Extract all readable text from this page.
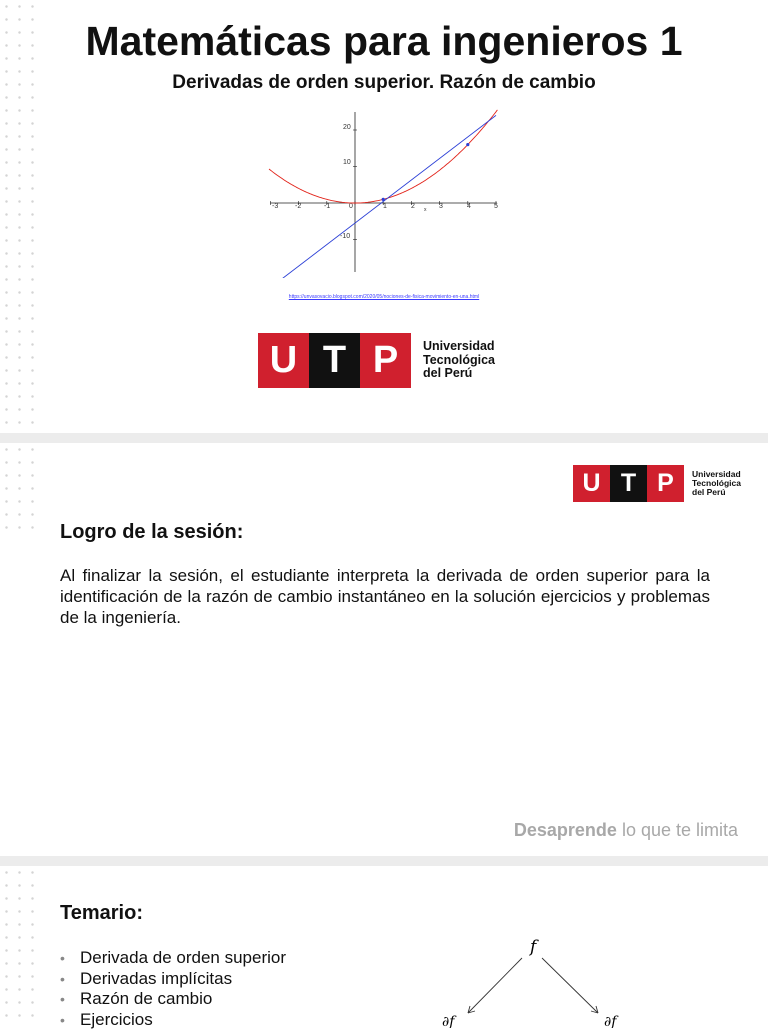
Matemáticas para ingenieros 1
Derivadas de orden superior. Razón de cambio
-3 -2	-1	0	1	2	3	4	5
x
20
10
-10
https://unvasovacio.blogspot.com/2020/05/nociones-de-fisica-movimiento-en-una.html
U T P	Universidad
Tecnológica
del Perú
U T P	Universidad
Tecnológica
del Perú
Logro de la sesión:
Al finalizar la sesión, el estudiante interpreta la derivada de orden superior para la identificación de la razón de cambio instantáneo en la solución ejercicios y problemas de la ingeniería.
Desaprende lo que te limita
Temario:
• Derivada de orden superior
• Derivadas implícitas
• Razón de cambio
• Ejercicios
f
∂f	∂f
